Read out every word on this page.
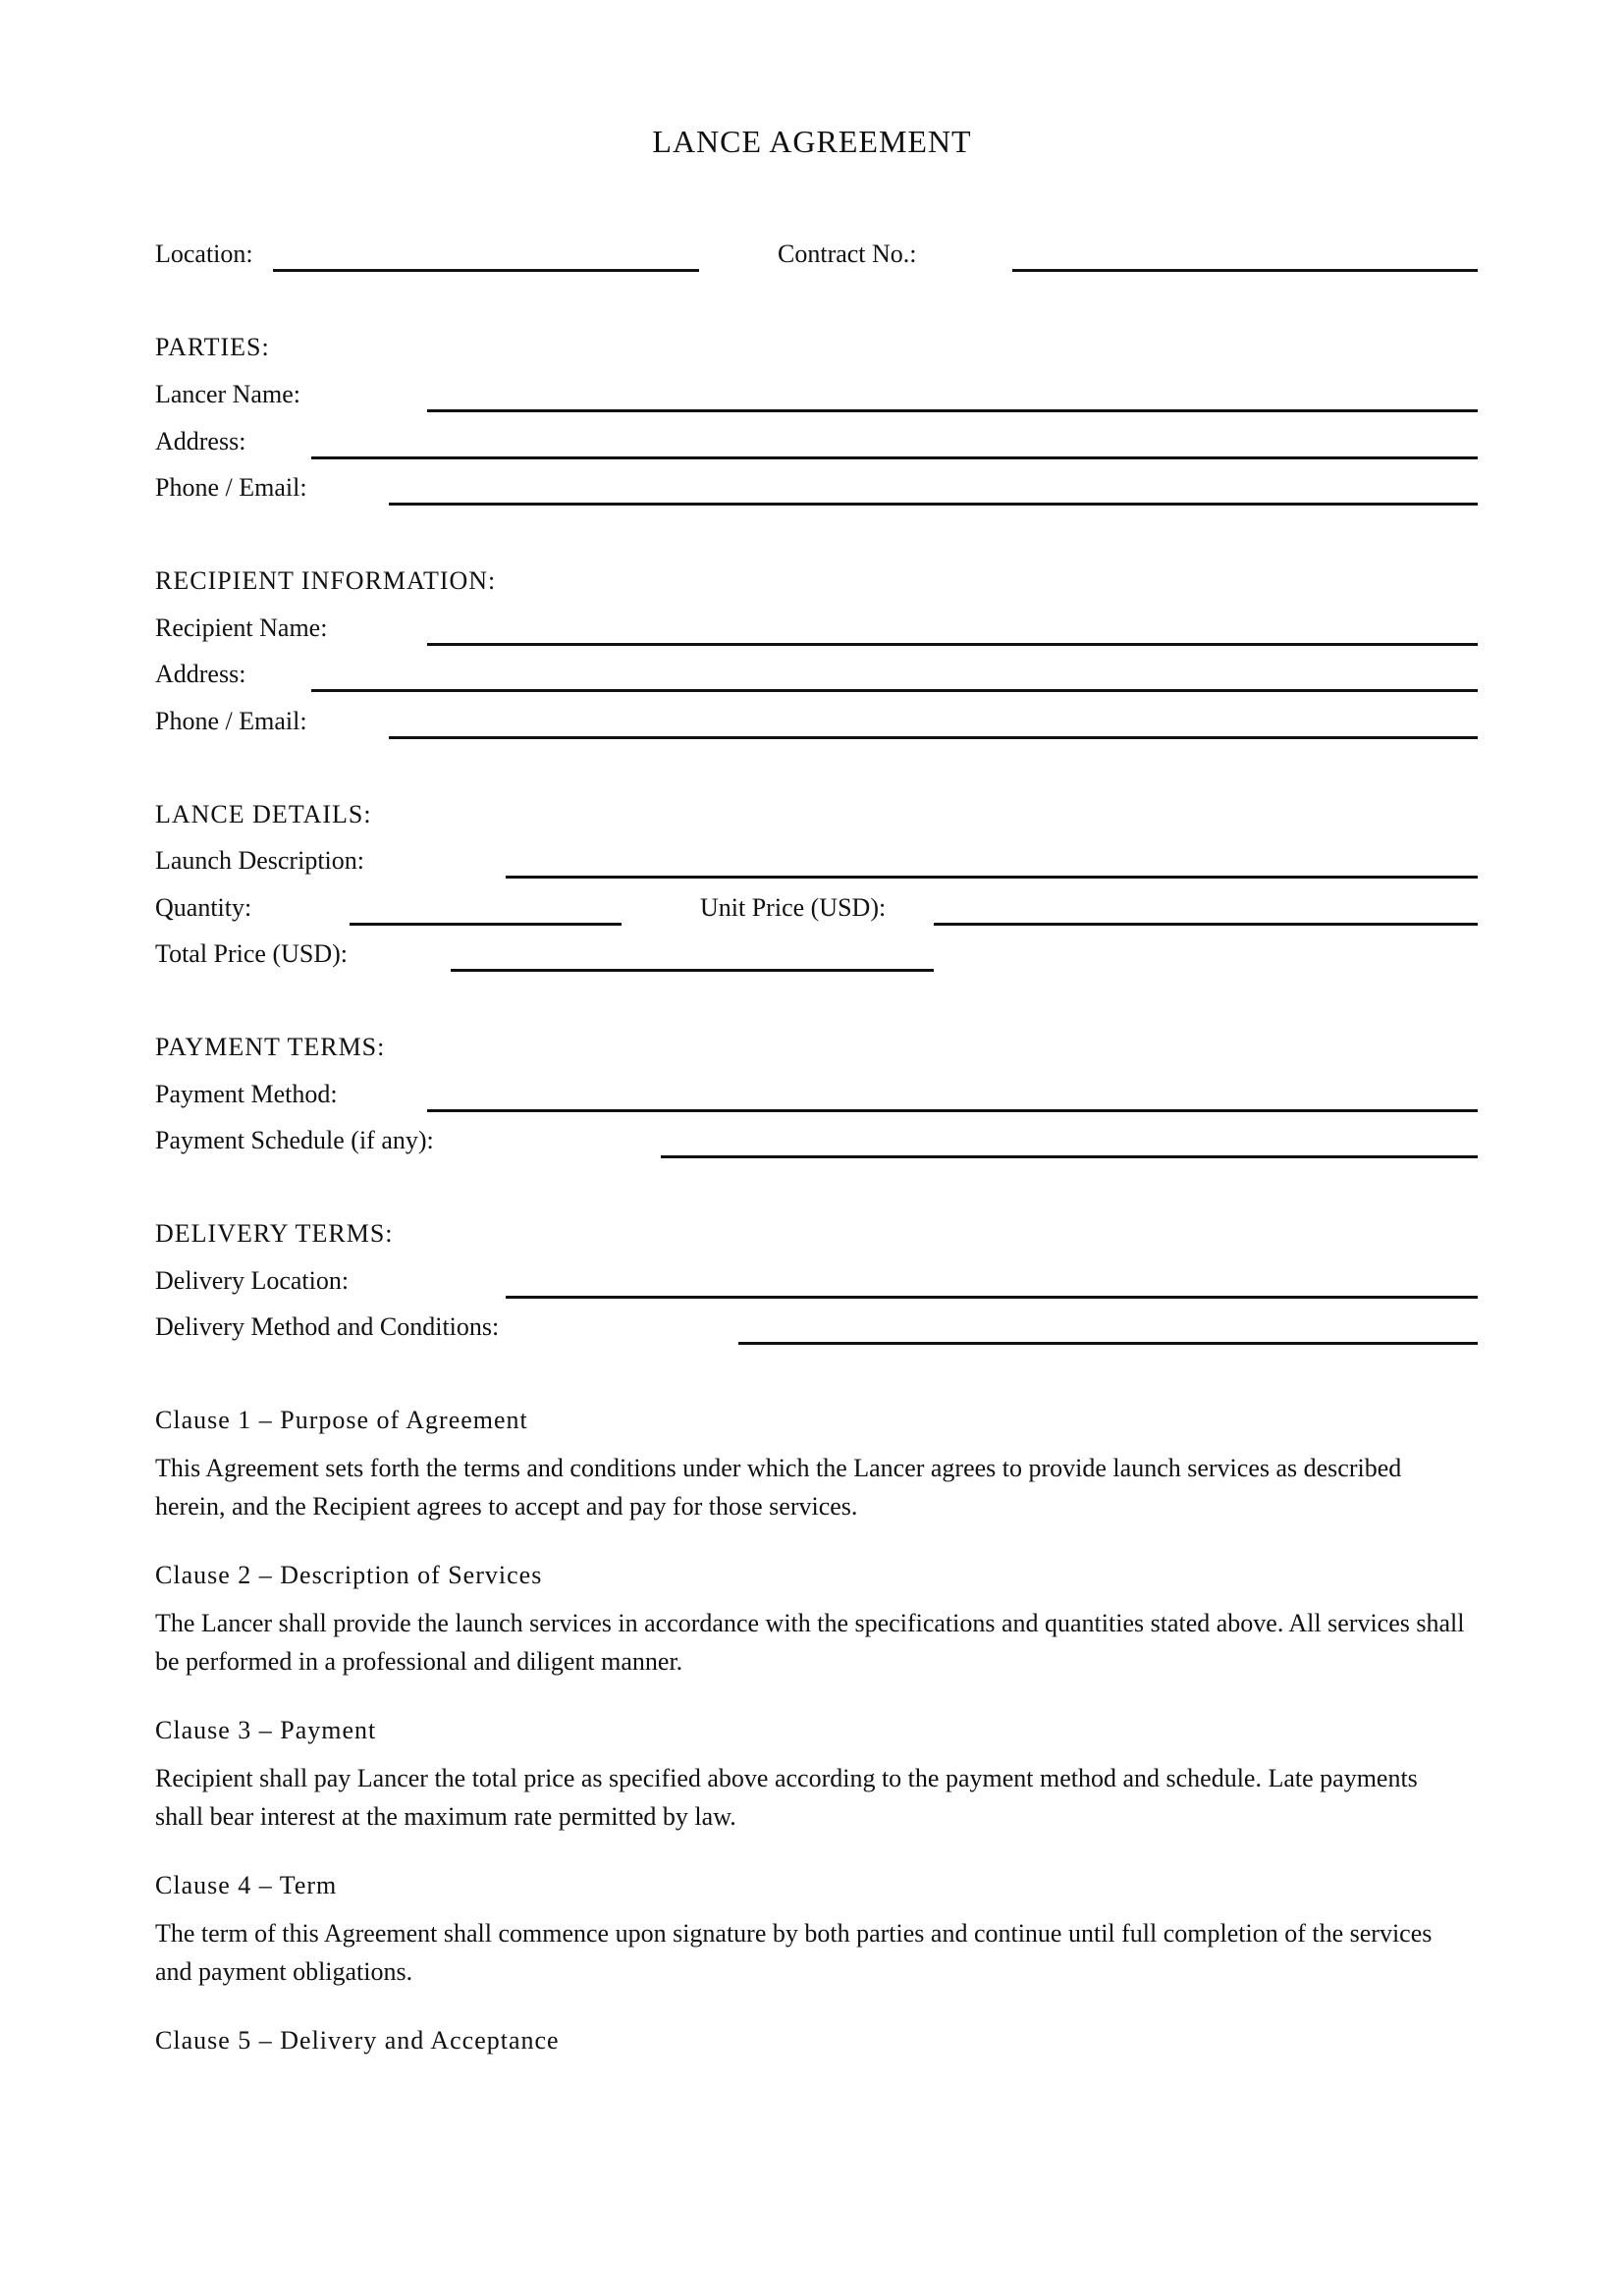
LANCE AGREEMENT
Location:	Contract No.:
PARTIES:
Lancer Name:
Address:
Phone / Email:
RECIPIENT INFORMATION:
Recipient Name:
Address:
Phone / Email:
LANCE DETAILS:
Launch Description:
Quantity:	Unit Price (USD):
Total Price (USD):
PAYMENT TERMS:
Payment Method:
Payment Schedule (if any):
DELIVERY TERMS:
Delivery Location:
Delivery Method and Conditions:
Clause 1 – Purpose of Agreement
This Agreement sets forth the terms and conditions under which the Lancer agrees to provide launch services as described herein, and the Recipient agrees to accept and pay for those services.
Clause 2 – Description of Services
The Lancer shall provide the launch services in accordance with the specifications and quantities stated above. All services shall be performed in a professional and diligent manner.
Clause 3 – Payment
Recipient shall pay Lancer the total price as specified above according to the payment method and schedule. Late payments shall bear interest at the maximum rate permitted by law.
Clause 4 – Term
The term of this Agreement shall commence upon signature by both parties and continue until full completion of the services and payment obligations.
Clause 5 – Delivery and Acceptance
